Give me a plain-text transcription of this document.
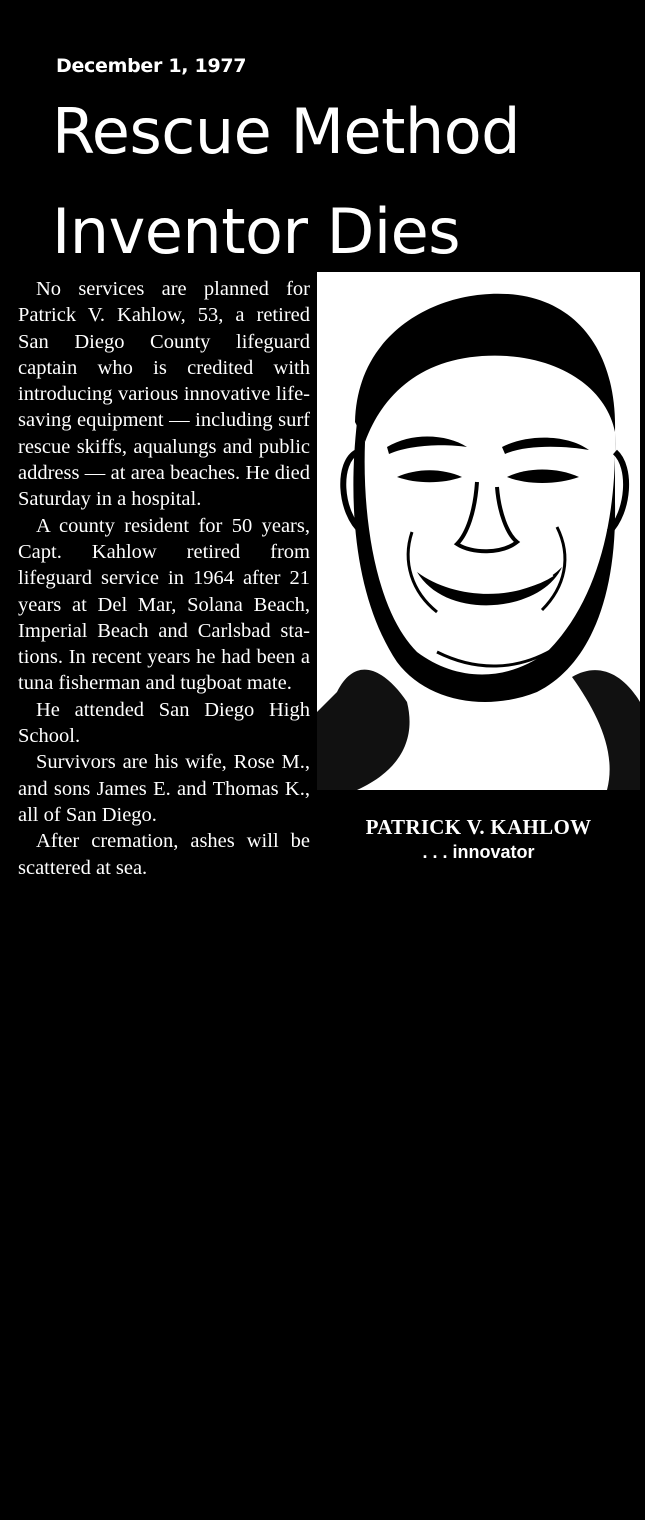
December 1, 1977
Rescue Method
Inventor Dies

No services are planned for Patrick V. Kahlow, 53, a retired San Diego County lifeguard captain who is credited with introducing various innovative life-saving equipment — including surf rescue skiffs, aqualungs and public address — at area beaches. He died Saturday in a hospital.

A county resident for 50 years, Capt. Kahlow retired from lifeguard service in 1964 after 21 years at Del Mar, Solana Beach, Imperial Beach and Carlsbad stations. In recent years he had been a tuna fisherman and tugboat mate.

He attended San Diego High School.

Survivors are his wife, Rose M., and sons James E. and Thomas K., all of San Diego.

After cremation, ashes will be scattered at sea.

PATRICK V. KAHLOW
. . . innovator
